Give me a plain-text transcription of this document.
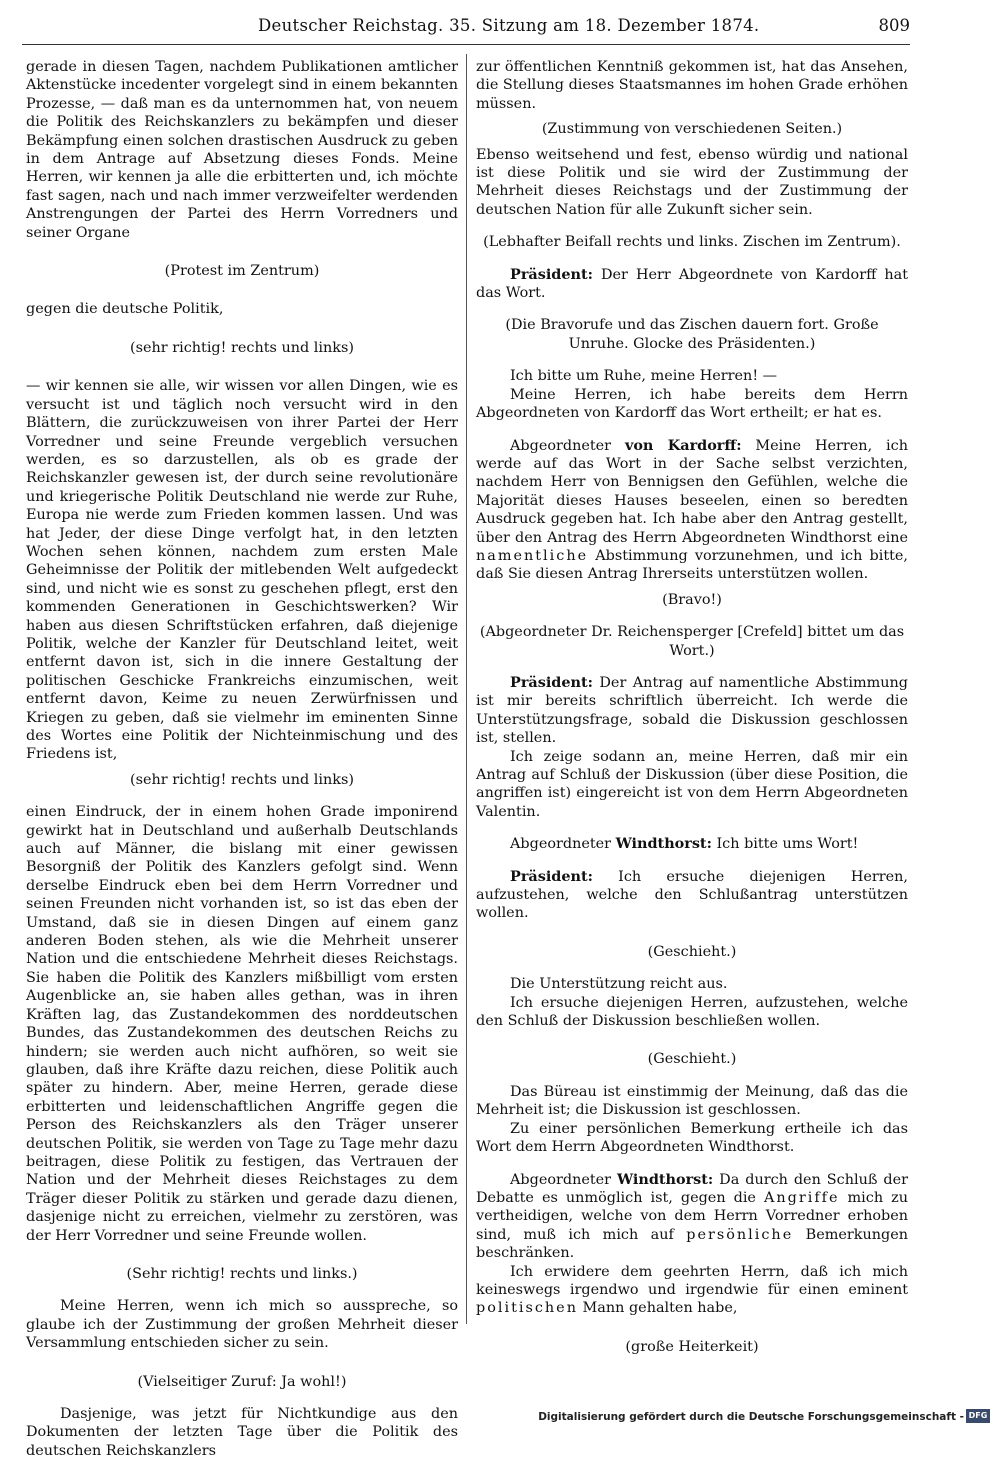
Deutscher Reichstag. 35. Sitzung am 18. Dezember 1874.	809

gerade in diesen Tagen, nachdem Publikationen amtlicher Aktenstücke incedenter vorgelegt sind in einem bekannten Prozesse, — daß man es da unternommen hat, von neuem die Politik des Reichskanzlers zu bekämpfen und dieser Bekämpfung einen solchen drastischen Ausdruck zu geben in dem Antrage auf Absetzung dieses Fonds. Meine Herren, wir kennen ja alle die erbitterten und, ich möchte fast sagen, nach und nach immer verzweifelter werdenden Anstrengungen der Partei des Herrn Vorredners und seiner Organe

(Protest im Zentrum)

gegen die deutsche Politik,

(sehr richtig! rechts und links)

— wir kennen sie alle, wir wissen vor allen Dingen, wie es versucht ist und täglich noch versucht wird in den Blättern, die zurückzuweisen von ihrer Partei der Herr Vorredner und seine Freunde vergeblich versuchen werden, es so darzustellen, als ob es grade der Reichskanzler gewesen ist, der durch seine revolutionäre und kriegerische Politik Deutschland nie werde zur Ruhe, Europa nie werde zum Frieden kommen lassen. Und was hat Jeder, der diese Dinge verfolgt hat, in den letzten Wochen sehen können, nachdem zum ersten Male Geheimnisse der Politik der mitlebenden Welt aufgedeckt sind, und nicht wie es sonst zu geschehen pflegt, erst den kommenden Generationen in Geschichtswerken? Wir haben aus diesen Schriftstücken erfahren, daß diejenige Politik, welche der Kanzler für Deutschland leitet, weit entfernt davon ist, sich in die innere Gestaltung der politischen Geschicke Frankreichs einzumischen, weit entfernt davon, Keime zu neuen Zerwürfnissen und Kriegen zu geben, daß sie vielmehr im eminenten Sinne des Wortes eine Politik der Nichteinmischung und des Friedens ist,

(sehr richtig! rechts und links)

einen Eindruck, der in einem hohen Grade imponirend gewirkt hat in Deutschland und außerhalb Deutschlands auch auf Männer, die bislang mit einer gewissen Besorgniß der Politik des Kanzlers gefolgt sind. Wenn derselbe Eindruck eben bei dem Herrn Vorredner und seinen Freunden nicht vorhanden ist, so ist das eben der Umstand, daß sie in diesen Dingen auf einem ganz anderen Boden stehen, als wie die Mehrheit unserer Nation und die entschiedene Mehrheit dieses Reichstags. Sie haben die Politik des Kanzlers mißbilligt vom ersten Augenblicke an, sie haben alles gethan, was in ihren Kräften lag, das Zustandekommen des norddeutschen Bundes, das Zustandekommen des deutschen Reichs zu hindern; sie werden auch nicht aufhören, so weit sie glauben, daß ihre Kräfte dazu reichen, diese Politik auch später zu hindern. Aber, meine Herren, gerade diese erbitterten und leidenschaftlichen Angriffe gegen die Person des Reichskanzlers als den Träger unserer deutschen Politik, sie werden von Tage zu Tage mehr dazu beitragen, diese Politik zu festigen, das Vertrauen der Nation und der Mehrheit dieses Reichstages zu dem Träger dieser Politik zu stärken und gerade dazu dienen, dasjenige nicht zu erreichen, vielmehr zu zerstören, was der Herr Vorredner und seine Freunde wollen.

(Sehr richtig! rechts und links.)

Meine Herren, wenn ich mich so ausspreche, so glaube ich der Zustimmung der großen Mehrheit dieser Versammlung entschieden sicher zu sein.

(Vielseitiger Zuruf: Ja wohl!)

Dasjenige, was jetzt für Nichtkundige aus den Dokumenten der letzten Tage über die Politik des deutschen Reichskanzlers

zur öffentlichen Kenntniß gekommen ist, hat das Ansehen, die Stellung dieses Staatsmannes im hohen Grade erhöhen müssen.

(Zustimmung von verschiedenen Seiten.)

Ebenso weitsehend und fest, ebenso würdig und national ist diese Politik und sie wird der Zustimmung der Mehrheit dieses Reichstags und der Zustimmung der deutschen Nation für alle Zukunft sicher sein.

(Lebhafter Beifall rechts und links. Zischen im Zentrum).

Präsident: Der Herr Abgeordnete von Kardorff hat das Wort.

(Die Bravorufe und das Zischen dauern fort. Große Unruhe. Glocke des Präsidenten.)

Ich bitte um Ruhe, meine Herren! —

Meine Herren, ich habe bereits dem Herrn Abgeordneten von Kardorff das Wort ertheilt; er hat es.

Abgeordneter von Kardorff: Meine Herren, ich werde auf das Wort in der Sache selbst verzichten, nachdem Herr von Bennigsen den Gefühlen, welche die Majorität dieses Hauses beseelen, einen so beredten Ausdruck gegeben hat. Ich habe aber den Antrag gestellt, über den Antrag des Herrn Abgeordneten Windthorst eine namentliche Abstimmung vorzunehmen, und ich bitte, daß Sie diesen Antrag Ihrerseits unterstützen wollen.

(Bravo!)

(Abgeordneter Dr. Reichensperger [Crefeld] bittet um das Wort.)

Präsident: Der Antrag auf namentliche Abstimmung ist mir bereits schriftlich überreicht. Ich werde die Unterstützungsfrage, sobald die Diskussion geschlossen ist, stellen.

Ich zeige sodann an, meine Herren, daß mir ein Antrag auf Schluß der Diskussion (über diese Position, die angriffen ist) eingereicht ist von dem Herrn Abgeordneten Valentin.

Abgeordneter Windthorst: Ich bitte ums Wort!

Präsident: Ich ersuche diejenigen Herren, aufzustehen, welche den Schlußantrag unterstützen wollen.

(Geschieht.)

Die Unterstützung reicht aus.

Ich ersuche diejenigen Herren, aufzustehen, welche den Schluß der Diskussion beschließen wollen.

(Geschieht.)

Das Büreau ist einstimmig der Meinung, daß das die Mehrheit ist; die Diskussion ist geschlossen.

Zu einer persönlichen Bemerkung ertheile ich das Wort dem Herrn Abgeordneten Windthorst.

Abgeordneter Windthorst: Da durch den Schluß der Debatte es unmöglich ist, gegen die Angriffe mich zu vertheidigen, welche von dem Herrn Vorredner erhoben sind, muß ich mich auf persönliche Bemerkungen beschränken.

Ich erwidere dem geehrten Herrn, daß ich mich keineswegs irgendwo und irgendwie für einen eminent politischen Mann gehalten habe,

(große Heiterkeit)

Digitalisierung gefördert durch die Deutsche Forschungsgemeinschaft - DFG
